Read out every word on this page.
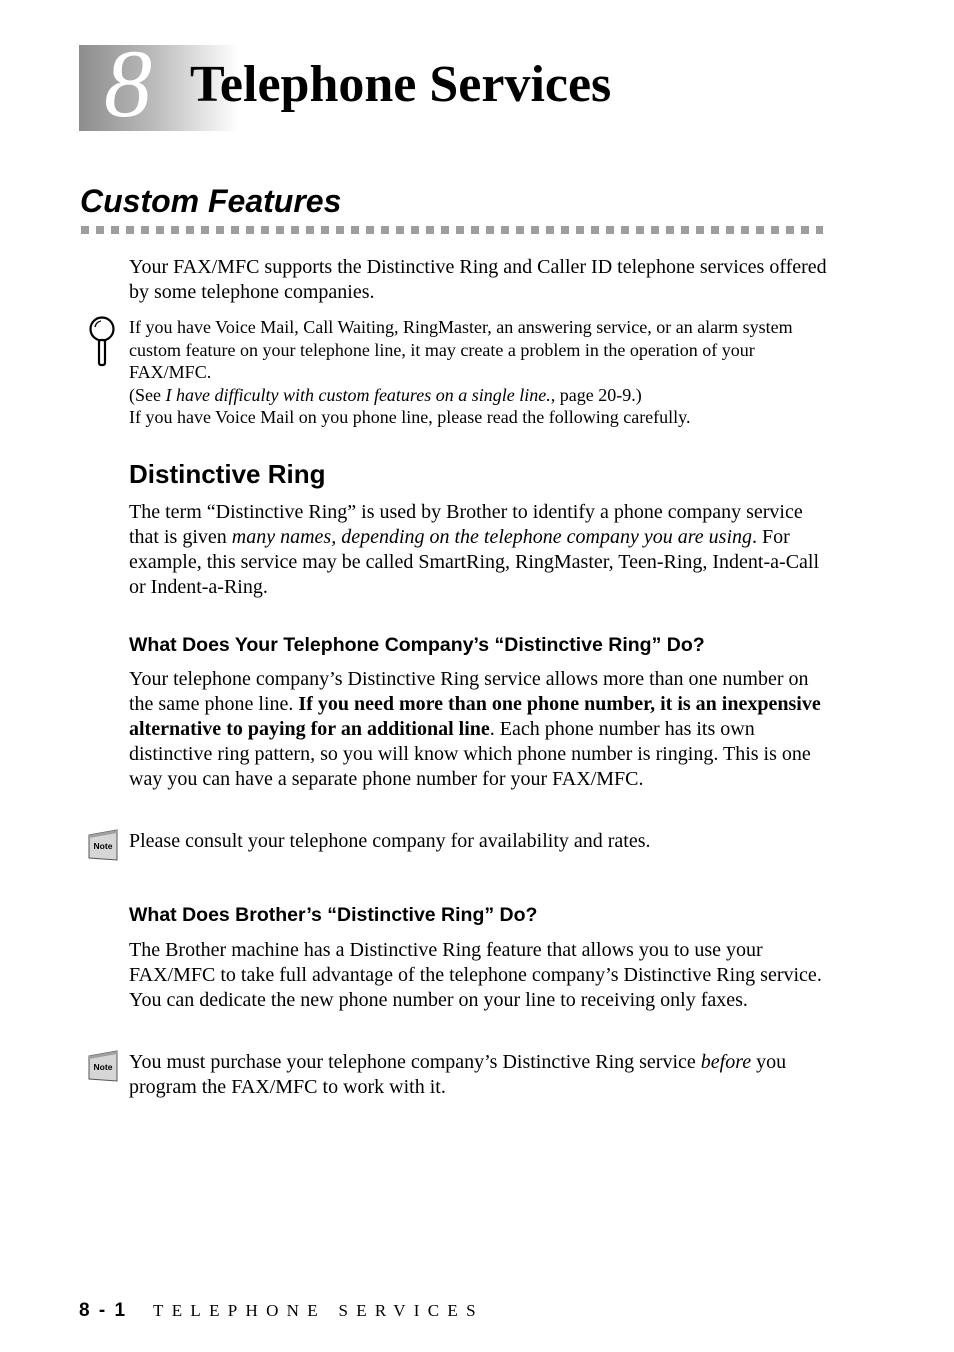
8 Telephone Services
Custom Features

Your FAX/MFC supports the Distinctive Ring and Caller ID telephone services offered by some telephone companies.

If you have Voice Mail, Call Waiting, RingMaster, an answering service, or an alarm system custom feature on your telephone line, it may create a problem in the operation of your FAX/MFC.
(See I have difficulty with custom features on a single line., page 20-9.)
If you have Voice Mail on you phone line, please read the following carefully.
Distinctive Ring

The term “Distinctive Ring” is used by Brother to identify a phone company service that is given many names, depending on the telephone company you are using. For example, this service may be called SmartRing, RingMaster, Teen-Ring, Indent-a-Call or Indent-a-Ring.

What Does Your Telephone Company’s “Distinctive Ring” Do?

Your telephone company’s Distinctive Ring service allows more than one number on the same phone line. If you need more than one phone number, it is an inexpensive alternative to paying for an additional line. Each phone number has its own distinctive ring pattern, so you will know which phone number is ringing. This is one way you can have a separate phone number for your FAX/MFC.

Note Please consult your telephone company for availability and rates.

What Does Brother’s “Distinctive Ring” Do?

The Brother machine has a Distinctive Ring feature that allows you to use your FAX/MFC to take full advantage of the telephone company’s Distinctive Ring service. You can dedicate the new phone number on your line to receiving only faxes.

Note You must purchase your telephone company’s Distinctive Ring service before you program the FAX/MFC to work with it.

8 - 1 TELEPHONE SERVICES
